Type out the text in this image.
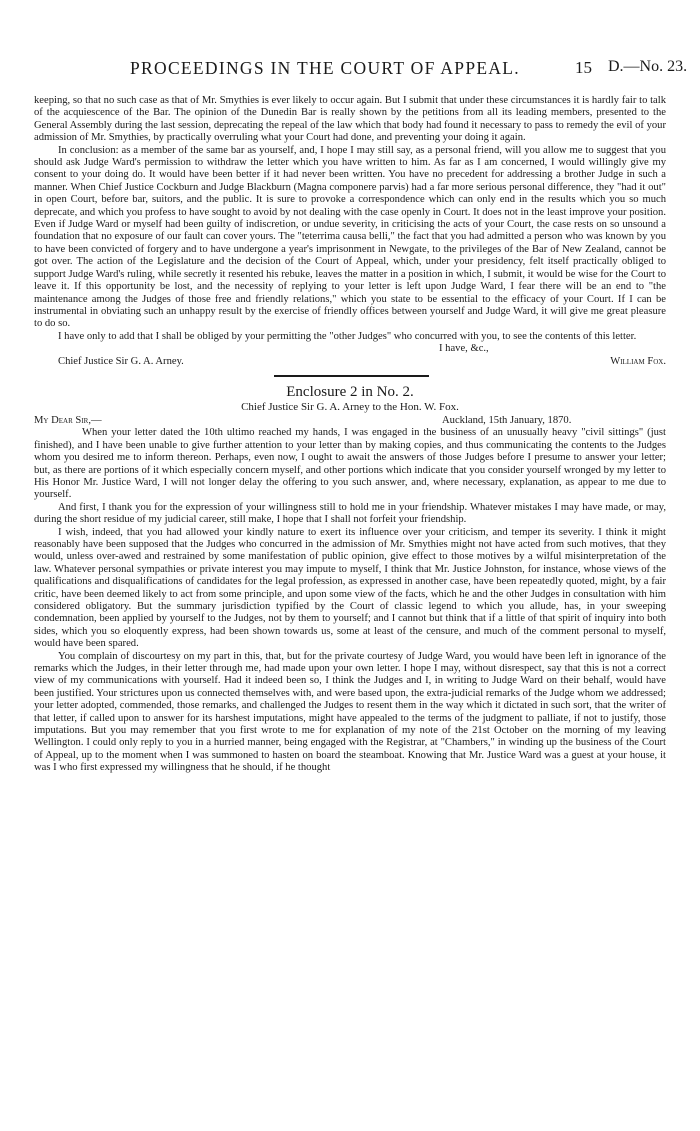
PROCEEDINGS IN THE COURT OF APPEAL.	15 D.—No. 23.

keeping, so that no such case as that of Mr. Smythies is ever likely to occur again. But I submit that under these circumstances it is hardly fair to talk of the acquiescence of the Bar. The opinion of the Dunedin Bar is really shown by the petitions from all its leading members, presented to the General Assembly during the last session, deprecating the repeal of the law which that body had found it necessary to pass to remedy the evil of your admission of Mr. Smythies, by practically overruling what your Court had done, and preventing your doing it again.

In conclusion: as a member of the same bar as yourself, and, I hope I may still say, as a personal friend, will you allow me to suggest that you should ask Judge Ward's permission to withdraw the letter which you have written to him. As far as I am concerned, I would willingly give my consent to your doing do. It would have been better if it had never been written. You have no precedent for addressing a brother Judge in such a manner. When Chief Justice Cockburn and Judge Blackburn (Magna componere parvis) had a far more serious personal difference, they "had it out" in open Court, before bar, suitors, and the public. It is sure to provoke a correspondence which can only end in the results which you so much deprecate, and which you profess to have sought to avoid by not dealing with the case openly in Court. It does not in the least improve your position. Even if Judge Ward or myself had been guilty of indiscretion, or undue severity, in criticising the acts of your Court, the case rests on so unsound a foundation that no exposure of our fault can cover yours. The "teterrima causa belli," the fact that you had admitted a person who was known by you to have been convicted of forgery and to have undergone a year's imprisonment in Newgate, to the privileges of the Bar of New Zealand, cannot be got over. The action of the Legislature and the decision of the Court of Appeal, which, under your presidency, felt itself practically obliged to support Judge Ward's ruling, while secretly it resented his rebuke, leaves the matter in a position in which, I submit, it would be wise for the Court to leave it. If this opportunity be lost, and the necessity of replying to your letter is left upon Judge Ward, I fear there will be an end to "the maintenance among the Judges of those free and friendly relations," which you state to be essential to the efficacy of your Court. If I can be instrumental in obviating such an unhappy result by the exercise of friendly offices between yourself and Judge Ward, it will give me great pleasure to do so.

I have only to add that I shall be obliged by your permitting the "other Judges" who concurred with you, to see the contents of this letter.

I have, &c.,
Chief Justice Sir G. A. Arney.	William Fox.
Enclosure 2 in No. 2.
Chief Justice Sir G. A. Arney to the Hon. W. Fox.
My Dear Sir,—	Auckland, 15th January, 1870.

When your letter dated the 10th ultimo reached my hands, I was engaged in the business of an unusually heavy "civil sittings" (just finished), and I have been unable to give further attention to your letter than by making copies, and thus communicating the contents to the Judges whom you desired me to inform thereon. Perhaps, even now, I ought to await the answers of those Judges before I presume to answer your letter; but, as there are portions of it which especially concern myself, and other portions which indicate that you consider yourself wronged by my letter to His Honor Mr. Justice Ward, I will not longer delay the offering to you such answer, and, where necessary, explanation, as appear to me due to yourself.

And first, I thank you for the expression of your willingness still to hold me in your friendship. Whatever mistakes I may have made, or may, during the short residue of my judicial career, still make, I hope that I shall not forfeit your friendship.

I wish, indeed, that you had allowed your kindly nature to exert its influence over your criticism, and temper its severity. I think it might reasonably have been supposed that the Judges who concurred in the admission of Mr. Smythies might not have acted from such motives, that they would, unless over-awed and restrained by some manifestation of public opinion, give effect to those motives by a wilful misinterpretation of the law. Whatever personal sympathies or private interest you may impute to myself, I think that Mr. Justice Johnston, for instance, whose views of the qualifications and disqualifications of candidates for the legal profession, as expressed in another case, have been repeatedly quoted, might, by a fair critic, have been deemed likely to act from some principle, and upon some view of the facts, which he and the other Judges in consultation with him considered obligatory. But the summary jurisdiction typified by the Court of classic legend to which you allude, has, in your sweeping condemnation, been applied by yourself to the Judges, not by them to yourself; and I cannot but think that if a little of that spirit of inquiry into both sides, which you so eloquently express, had been shown towards us, some at least of the censure, and much of the comment personal to myself, would have been spared.

You complain of discourtesy on my part in this, that, but for the private courtesy of Judge Ward, you would have been left in ignorance of the remarks which the Judges, in their letter through me, had made upon your own letter. I hope I may, without disrespect, say that this is not a correct view of my communications with yourself. Had it indeed been so, I think the Judges and I, in writing to Judge Ward on their behalf, would have been justified. Your strictures upon us connected themselves with, and were based upon, the extra-judicial remarks of the Judge whom we addressed; your letter adopted, commended, those remarks, and challenged the Judges to resent them in the way which it dictated in such sort, that the writer of that letter, if called upon to answer for its harshest imputations, might have appealed to the terms of the judgment to palliate, if not to justify, those imputations. But you may remember that you first wrote to me for explanation of my note of the 21st October on the morning of my leaving Wellington. I could only reply to you in a hurried manner, being engaged with the Registrar, at "Chambers," in winding up the business of the Court of Appeal, up to the moment when I was summoned to hasten on board the steamboat. Knowing that Mr. Justice Ward was a guest at your house, it was I who first expressed my willingness that he should, if he thought
